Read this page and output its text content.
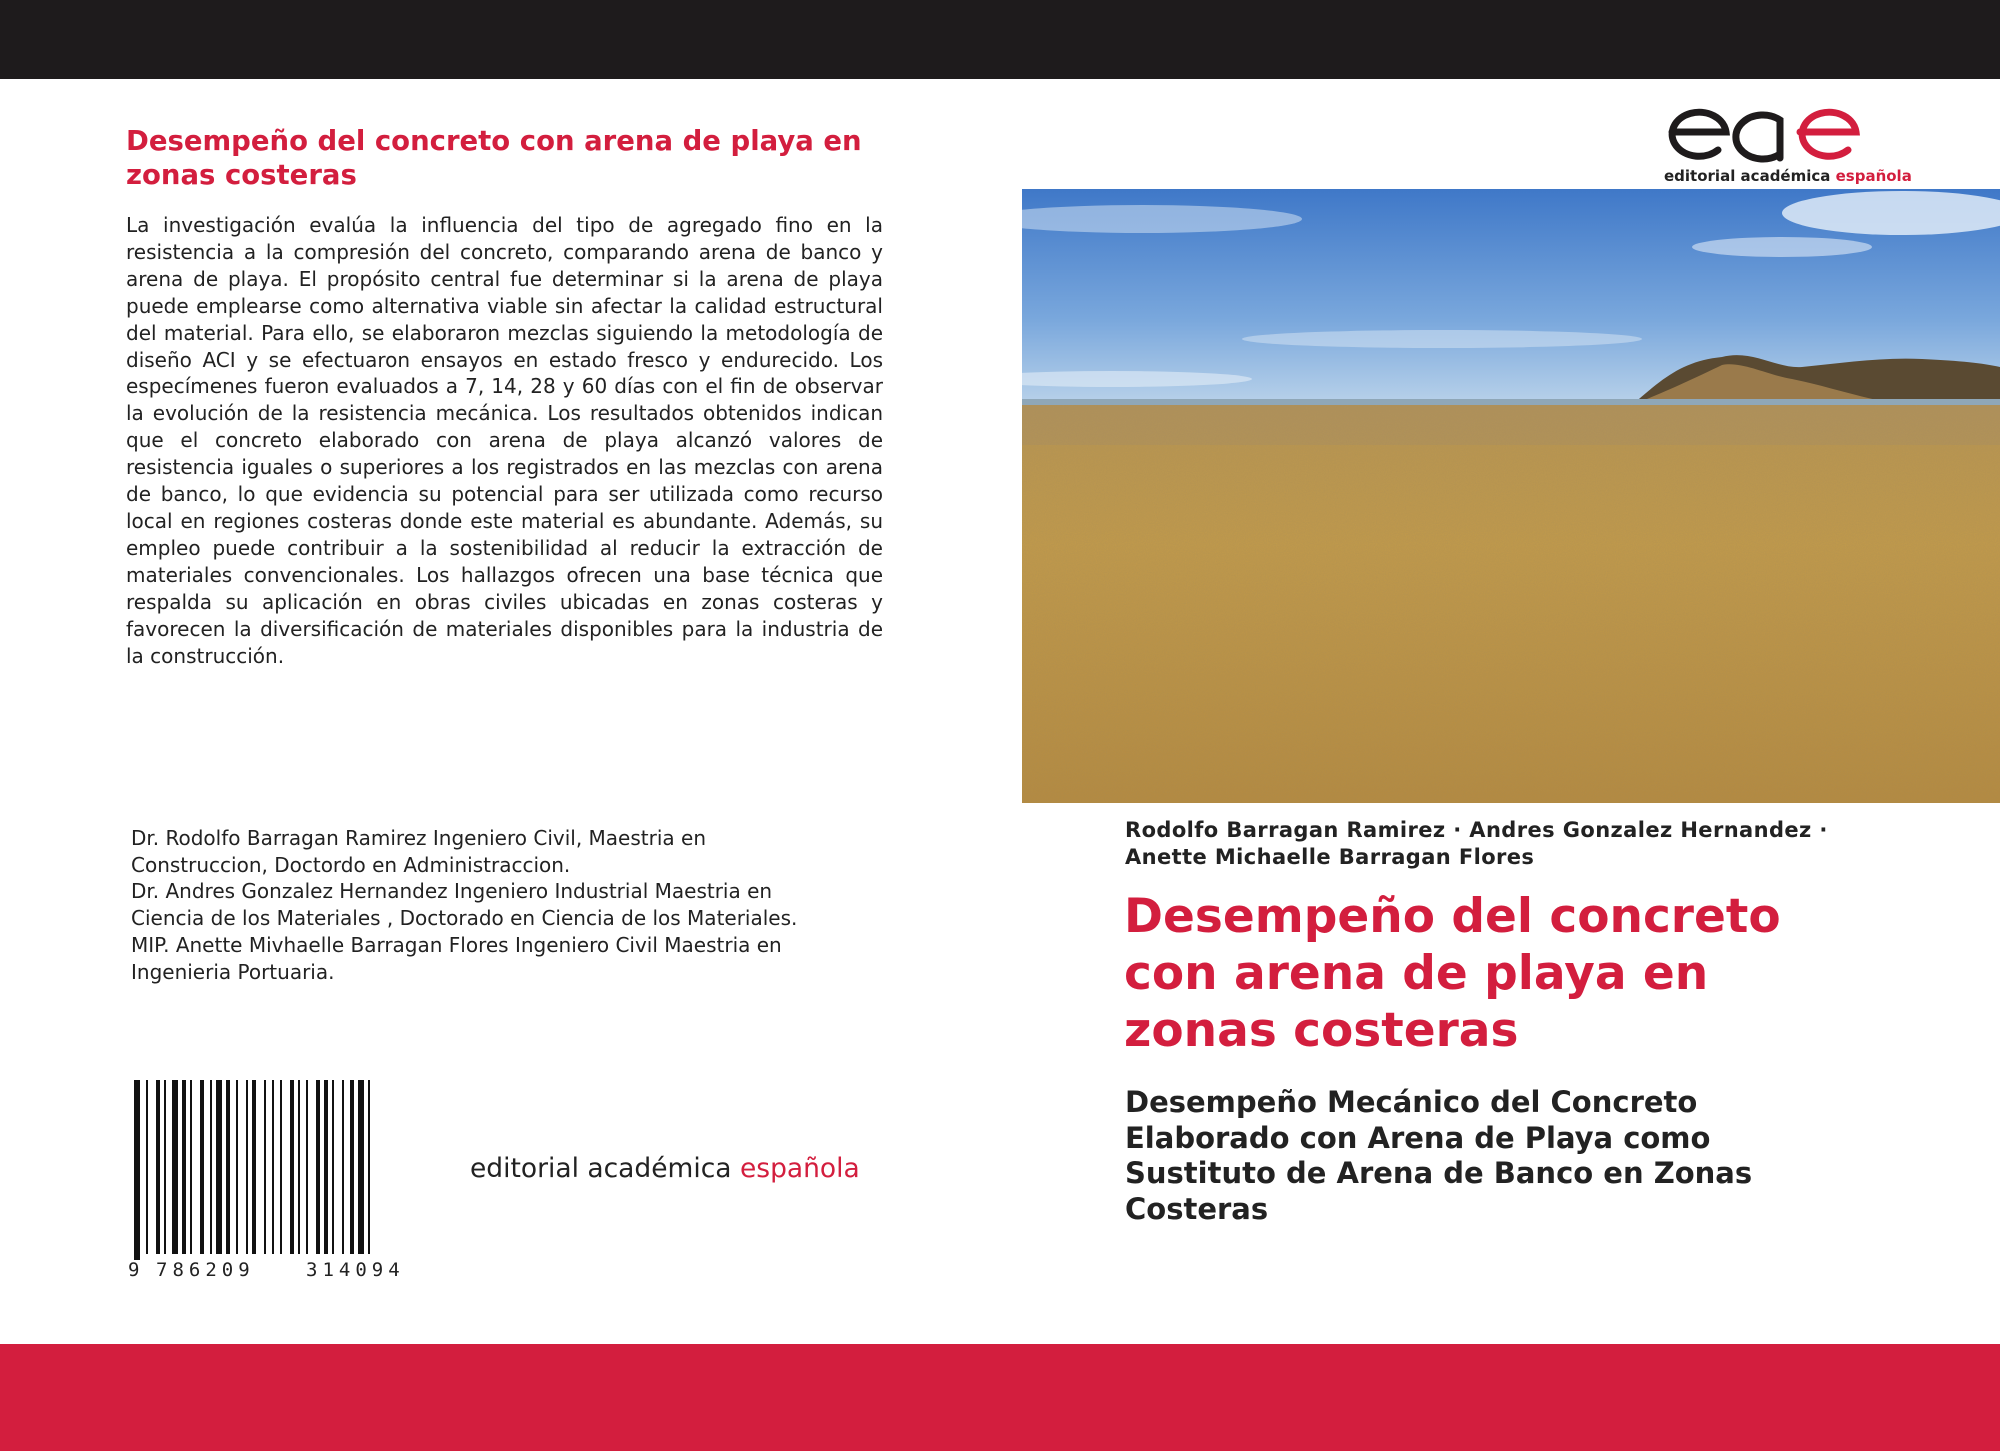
Desempeño del concreto con arena de playa en zonas costeras
La investigación evalúa la influencia del tipo de agregado fino en la resistencia a la compresión del concreto, comparando arena de banco y arena de playa. El propósito central fue determinar si la arena de playa puede emplearse como alternativa viable sin afectar la calidad estructural del material. Para ello, se elaboraron mezclas siguiendo la metodología de diseño ACI y se efectuaron ensayos en estado fresco y endurecido. Los especímenes fueron evaluados a 7, 14, 28 y 60 días con el fin de observar la evolución de la resistencia mecánica. Los resultados obtenidos indican que el concreto elaborado con arena de playa alcanzó valores de resistencia iguales o superiores a los registrados en las mezclas con arena de banco, lo que evidencia su potencial para ser utilizada como recurso local en regiones costeras donde este material es abundante. Además, su empleo puede contribuir a la sostenibilidad al reducir la extracción de materiales convencionales. Los hallazgos ofrecen una base técnica que respalda su aplicación en obras civiles ubicadas en zonas costeras y favorecen la diversificación de materiales disponibles para la industria de la construcción.
Dr. Rodolfo Barragan Ramirez Ingeniero Civil, Maestria en
Construccion, Doctordo en Administraccion.
Dr. Andres Gonzalez Hernandez Ingeniero Industrial Maestria en
Ciencia de los Materiales , Doctorado en Ciencia de los Materiales.
MIP. Anette Mivhaelle Barragan Flores Ingeniero Civil Maestria en
Ingenieria Portuaria.
9 786209	314094
editorial académica española
editorial académica española
Rodolfo Barragan Ramirez · Andres Gonzalez Hernandez ·
Anette Michaelle Barragan Flores
Desempeño del concreto
con arena de playa en
zonas costeras
Desempeño Mecánico del Concreto
Elaborado con Arena de Playa como
Sustituto de Arena de Banco en Zonas
Costeras
